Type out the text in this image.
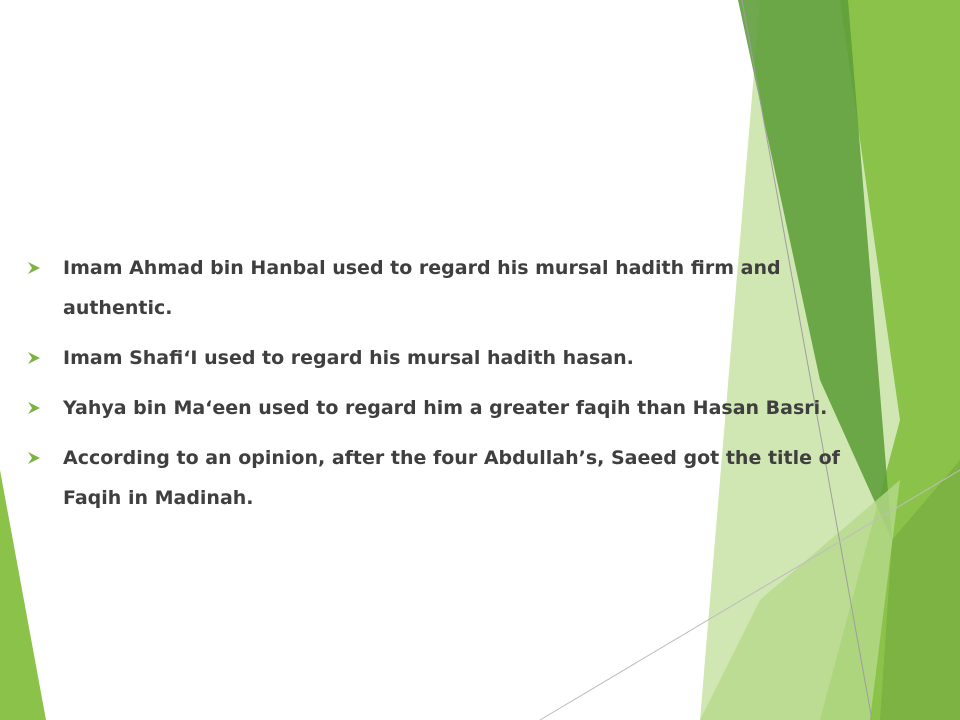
Imam Ahmad bin Hanbal used to regard his mursal hadith firm and authentic.
Imam Shafi‘I used to regard his mursal hadith hasan.
Yahya bin Ma‘een used to regard him a greater faqih than Hasan Basri.
According to an opinion, after the four Abdullah’s, Saeed got the title of Faqih in Madinah.
